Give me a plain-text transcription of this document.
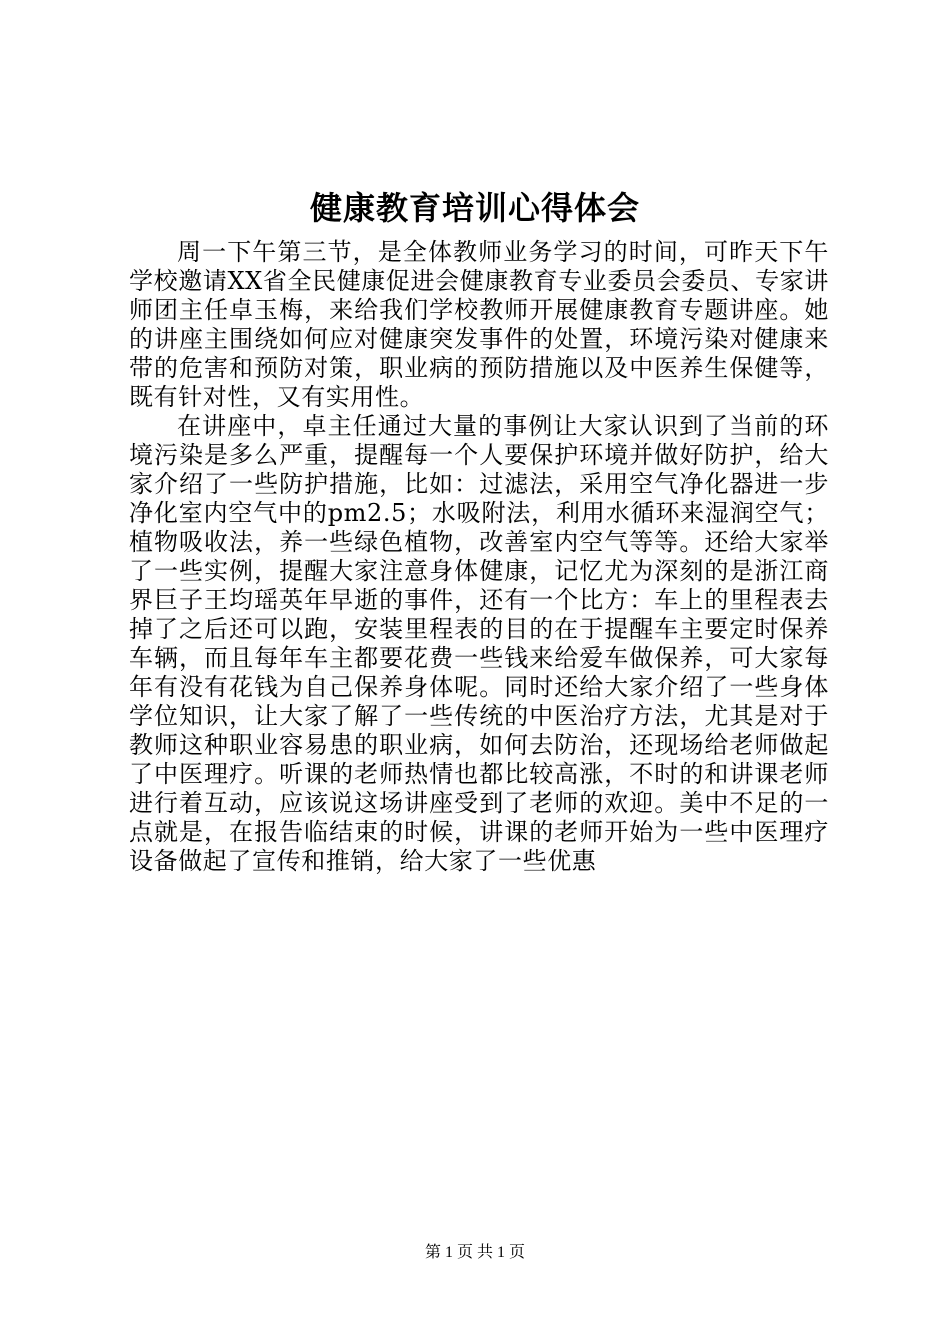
健康教育培训心得体会

周一下午第三节，是全体教师业务学习的时间，可昨天下午学校邀请XX省全民健康促进会健康教育专业委员会委员、专家讲师团主任卓玉梅，来给我们学校教师开展健康教育专题讲座。她的讲座主围绕如何应对健康突发事件的处置，环境污染对健康来带的危害和预防对策，职业病的预防措施以及中医养生保健等，既有针对性，又有实用性。

在讲座中，卓主任通过大量的事例让大家认识到了当前的环境污染是多么严重，提醒每一个人要保护环境并做好防护，给大家介绍了一些防护措施，比如：过滤法，采用空气净化器进一步净化室内空气中的pm2.5；水吸附法，利用水循环来湿润空气；植物吸收法，养一些绿色植物，改善室内空气等等。还给大家举了一些实例，提醒大家注意身体健康，记忆尤为深刻的是浙江商界巨子王均瑶英年早逝的事件，还有一个比方：车上的里程表去掉了之后还可以跑，安装里程表的目的在于提醒车主要定时保养车辆，而且每年车主都要花费一些钱来给爱车做保养，可大家每年有没有花钱为自己保养身体呢。同时还给大家介绍了一些身体学位知识，让大家了解了一些传统的中医治疗方法，尤其是对于教师这种职业容易患的职业病，如何去防治，还现场给老师做起了中医理疗。听课的老师热情也都比较高涨，不时的和讲课老师进行着互动，应该说这场讲座受到了老师的欢迎。美中不足的一点就是，在报告临结束的时候，讲课的老师开始为一些中医理疗设备做起了宣传和推销，给大家了一些优惠

第 1 页 共 1 页
